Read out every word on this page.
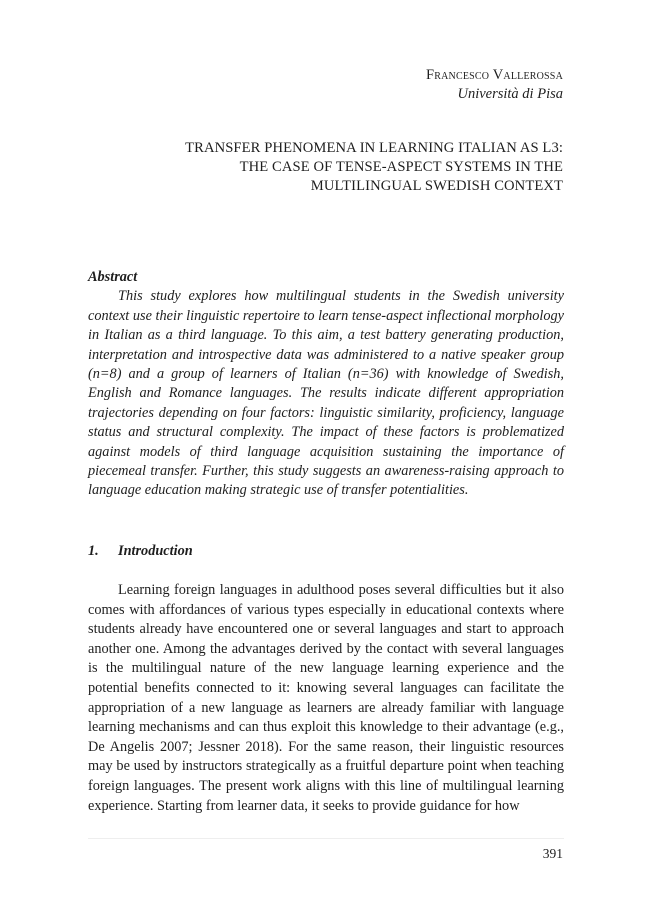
Francesco Vallerossa
Università di Pisa
TRANSFER PHENOMENA IN LEARNING ITALIAN AS L3:
THE CASE OF TENSE-ASPECT SYSTEMS IN THE
MULTILINGUAL SWEDISH CONTEXT
Abstract

This study explores how multilingual students in the Swedish university context use their linguistic repertoire to learn tense-aspect inflectional morphology in Italian as a third language. To this aim, a test battery generating production, interpretation and introspective data was administered to a native speaker group (n=8) and a group of learners of Italian (n=36) with knowledge of Swedish, English and Romance languages. The results indicate different appropriation trajectories depending on four factors: linguistic similarity, proficiency, language status and structural complexity. The impact of these factors is problematized against models of third language acquisition sustaining the importance of piecemeal transfer. Further, this study suggests an awareness-raising approach to language education making strategic use of transfer potentialities.

1. Introduction

Learning foreign languages in adulthood poses several difficulties but it also comes with affordances of various types especially in educational contexts where students already have encountered one or several languages and start to approach another one. Among the advantages derived by the contact with several languages is the multilingual nature of the new language learning experience and the potential benefits connected to it: knowing several languages can facilitate the appropriation of a new language as learners are already familiar with language learning mechanisms and can thus exploit this knowledge to their advantage (e.g., De Angelis 2007; Jessner 2018). For the same reason, their linguistic resources may be used by instructors strategically as a fruitful departure point when teaching foreign languages. The present work aligns with this line of multilingual learning experience. Starting from learner data, it seeks to provide guidance for how

391
